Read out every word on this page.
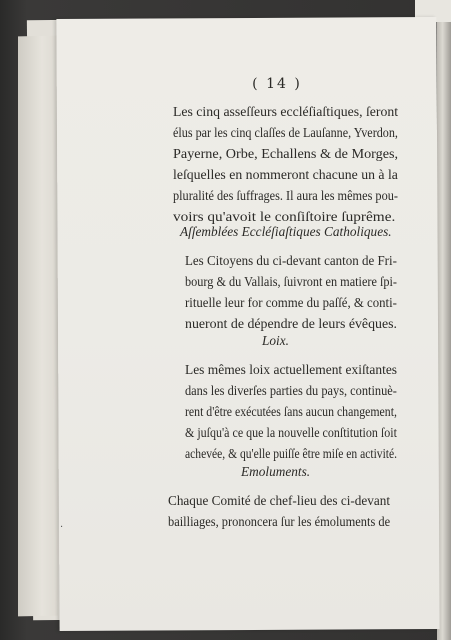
( 14 )
Les cinq asseſſeurs eccléſiaſtiques, ſeront
élus par les cinq claſſes de Lauſanne, Yverdon,
Payerne, Orbe, Echallens & de Morges,
leſquelles en nommeront chacune un à la
pluralité des ſuffrages. Il aura les mêmes pou-
voirs qu'avoit le conſiſtoire ſuprême.
Aſſemblées Eccléſiaſtiques Catholiques.
Les Citoyens du ci-devant canton de Fri-
bourg & du Vallais, ſuivront en matiere ſpi-
rituelle leur for comme du paſſé, & conti-
nueront de dépendre de leurs évêques.
Loix.
Les mêmes loix actuellement exiſtantes
dans les diverſes parties du pays, continuè-
rent d'être exécutées ſans aucun changement,
& juſqu'à ce que la nouvelle conſtitution ſoit
achevée, & qu'elle puiſſe être miſe en activité.
Emoluments.
Chaque Comité de chef-lieu des ci-devant
bailliages, prononcera ſur les émoluments de
·
